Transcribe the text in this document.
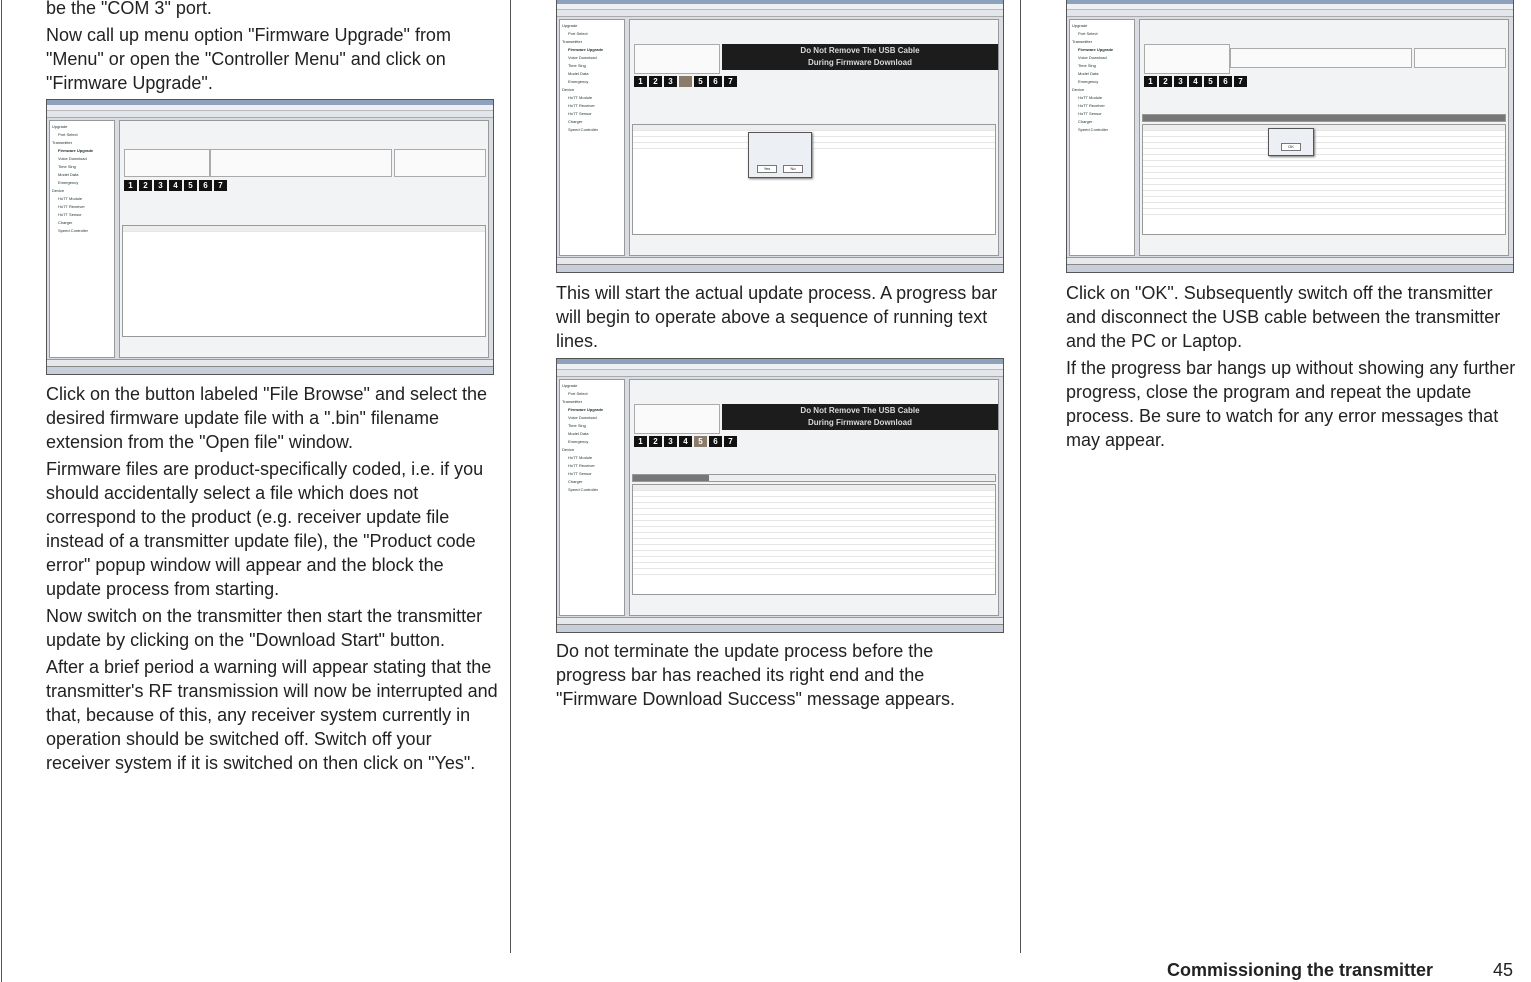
be the "COM 3" port.

Now call up menu option "Firmware Upgrade" from "Menu" or open the "Controller Menu" and click on "Firmware Upgrade".

Upgrade
Port Select
Transmitter
Firmware Upgrade
Voice Download
Time Sing
Model Data
Emergency
Device
HoTT Module
HoTT Receiver
HoTT Sensor
Charger
Speed Controller
1	2	3	4	5	6	7

Click on the button labeled "File Browse" and select the desired firmware update file with a ".bin" filename extension from the "Open file" window.

Firmware files are product-specifically coded, i.e. if you should accidentally select a file which does not correspond to the product (e.g. receiver update file instead of a transmitter update file), the "Product code error" popup window will appear and the block the update process from starting.

Now switch on the transmitter then start the transmitter update by clicking on the "Download Start" button.

After a brief period a warning will appear stating that the transmitter's RF transmission will now be interrupted and that, because of this, any receiver system currently in operation should be switched off. Switch off your receiver system if it is switched on then click on "Yes".

Upgrade
Port Select
Transmitter
Firmware Upgrade
Voice Download
Time Sing
Model Data
Emergency
Device
HoTT Module
HoTT Receiver
HoTT Sensor
Charger
Speed Controller
Do Not Remove The USB Cable
During Firmware Download
1	2	3	5	6	7
Yes	No

This will start the actual update process. A progress bar will begin to operate above a sequence of running text lines.

Upgrade
Port Select
Transmitter
Firmware Upgrade
Voice Download
Time Sing
Model Data
Emergency
Device
HoTT Module
HoTT Receiver
HoTT Sensor
Charger
Speed Controller
Do Not Remove The USB Cable
During Firmware Download
1	2	3	4	5	6	7

Do not terminate the update process before the progress bar has reached its right end and the "Firmware Download Success" message appears.

Upgrade
Port Select
Transmitter
Firmware Upgrade
Voice Download
Time Sing
Model Data
Emergency
Device
HoTT Module
HoTT Receiver
HoTT Sensor
Charger
Speed Controller
1	2	3	4	5	6	7
OK

Click on "OK". Subsequently switch off the transmitter and disconnect the USB cable between the transmitter and the PC or Laptop.

If the progress bar hangs up without showing any further progress, close the program and repeat the update process. Be sure to watch for any error messages that may appear.

Commissioning the transmitter	45
